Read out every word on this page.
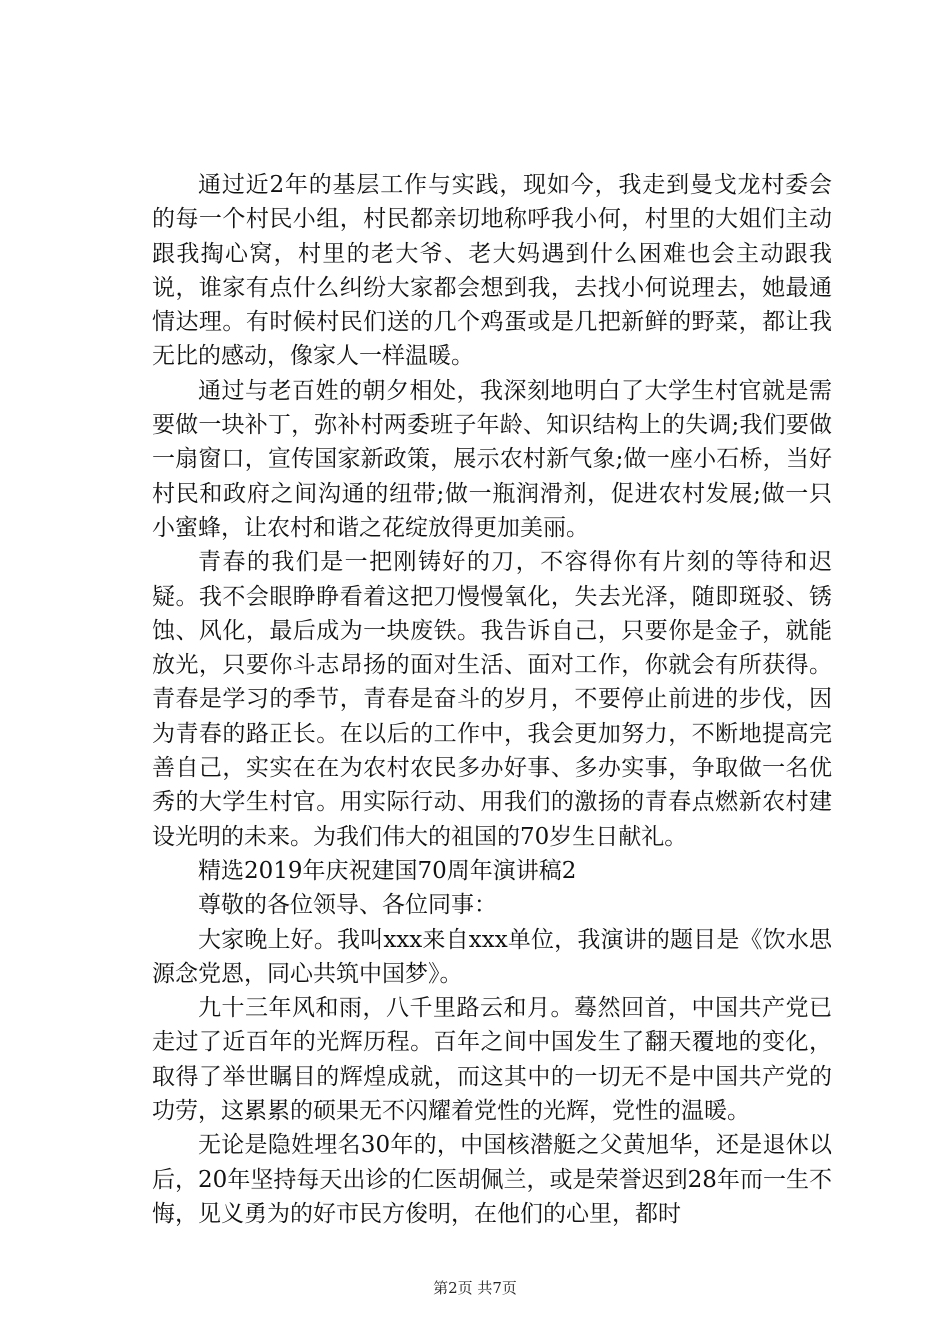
通过近2年的基层工作与实践，现如今，我走到曼戈龙村委会的每一个村民小组，村民都亲切地称呼我小何，村里的大姐们主动跟我掏心窝，村里的老大爷、老大妈遇到什么困难也会主动跟我说，谁家有点什么纠纷大家都会想到我，去找小何说理去，她最通情达理。有时候村民们送的几个鸡蛋或是几把新鲜的野菜，都让我无比的感动，像家人一样温暖。

通过与老百姓的朝夕相处，我深刻地明白了大学生村官就是需要做一块补丁，弥补村两委班子年龄、知识结构上的失调;我们要做一扇窗口，宣传国家新政策，展示农村新气象;做一座小石桥，当好村民和政府之间沟通的纽带;做一瓶润滑剂，促进农村发展;做一只小蜜蜂，让农村和谐之花绽放得更加美丽。

青春的我们是一把刚铸好的刀，不容得你有片刻的等待和迟疑。我不会眼睁睁看着这把刀慢慢氧化，失去光泽，随即斑驳、锈蚀、风化，最后成为一块废铁。我告诉自己，只要你是金子，就能放光，只要你斗志昂扬的面对生活、面对工作，你就会有所获得。青春是学习的季节，青春是奋斗的岁月，不要停止前进的步伐，因为青春的路正长。在以后的工作中，我会更加努力，不断地提高完善自己，实实在在为农村农民多办好事、多办实事，争取做一名优秀的大学生村官。用实际行动、用我们的激扬的青春点燃新农村建设光明的未来。为我们伟大的祖国的70岁生日献礼。

精选2019年庆祝建国70周年演讲稿2

尊敬的各位领导、各位同事：

大家晚上好。我叫xxx来自xxx单位，我演讲的题目是《饮水思源念党恩，同心共筑中国梦》。

九十三年风和雨，八千里路云和月。蓦然回首，中国共产党已走过了近百年的光辉历程。百年之间中国发生了翻天覆地的变化，取得了举世瞩目的辉煌成就，而这其中的一切无不是中国共产党的功劳，这累累的硕果无不闪耀着党性的光辉，党性的温暖。

无论是隐姓埋名30年的，中国核潜艇之父黄旭华，还是退休以后，20年坚持每天出诊的仁医胡佩兰，或是荣誉迟到28年而一生不悔，见义勇为的好市民方俊明，在他们的心里，都时

第2页 共7页
